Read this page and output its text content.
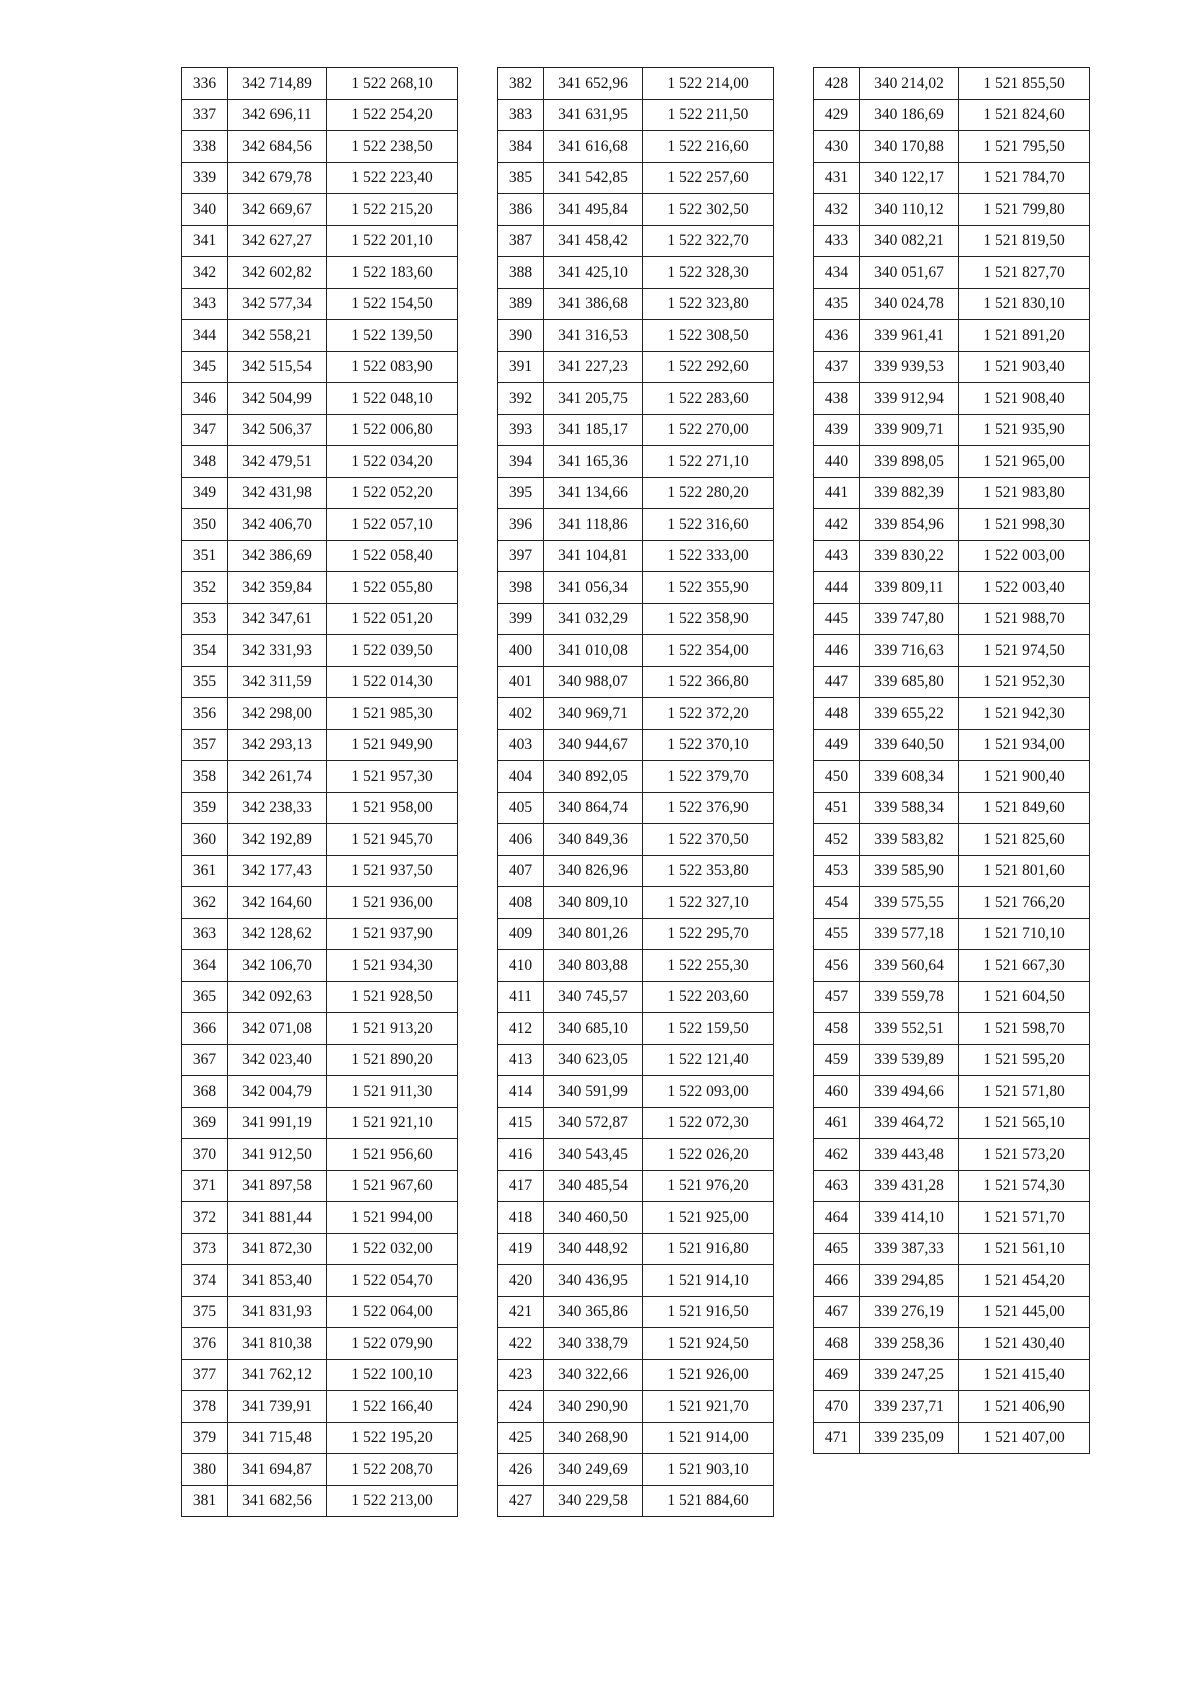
336	342 714,89	1 522 268,10
337	342 696,11	1 522 254,20
338	342 684,56	1 522 238,50
339	342 679,78	1 522 223,40
340	342 669,67	1 522 215,20
341	342 627,27	1 522 201,10
342	342 602,82	1 522 183,60
343	342 577,34	1 522 154,50
344	342 558,21	1 522 139,50
345	342 515,54	1 522 083,90
346	342 504,99	1 522 048,10
347	342 506,37	1 522 006,80
348	342 479,51	1 522 034,20
349	342 431,98	1 522 052,20
350	342 406,70	1 522 057,10
351	342 386,69	1 522 058,40
352	342 359,84	1 522 055,80
353	342 347,61	1 522 051,20
354	342 331,93	1 522 039,50
355	342 311,59	1 522 014,30
356	342 298,00	1 521 985,30
357	342 293,13	1 521 949,90
358	342 261,74	1 521 957,30
359	342 238,33	1 521 958,00
360	342 192,89	1 521 945,70
361	342 177,43	1 521 937,50
362	342 164,60	1 521 936,00
363	342 128,62	1 521 937,90
364	342 106,70	1 521 934,30
365	342 092,63	1 521 928,50
366	342 071,08	1 521 913,20
367	342 023,40	1 521 890,20
368	342 004,79	1 521 911,30
369	341 991,19	1 521 921,10
370	341 912,50	1 521 956,60
371	341 897,58	1 521 967,60
372	341 881,44	1 521 994,00
373	341 872,30	1 522 032,00
374	341 853,40	1 522 054,70
375	341 831,93	1 522 064,00
376	341 810,38	1 522 079,90
377	341 762,12	1 522 100,10
378	341 739,91	1 522 166,40
379	341 715,48	1 522 195,20
380	341 694,87	1 522 208,70
381	341 682,56	1 522 213,00
382	341 652,96	1 522 214,00
383	341 631,95	1 522 211,50
384	341 616,68	1 522 216,60
385	341 542,85	1 522 257,60
386	341 495,84	1 522 302,50
387	341 458,42	1 522 322,70
388	341 425,10	1 522 328,30
389	341 386,68	1 522 323,80
390	341 316,53	1 522 308,50
391	341 227,23	1 522 292,60
392	341 205,75	1 522 283,60
393	341 185,17	1 522 270,00
394	341 165,36	1 522 271,10
395	341 134,66	1 522 280,20
396	341 118,86	1 522 316,60
397	341 104,81	1 522 333,00
398	341 056,34	1 522 355,90
399	341 032,29	1 522 358,90
400	341 010,08	1 522 354,00
401	340 988,07	1 522 366,80
402	340 969,71	1 522 372,20
403	340 944,67	1 522 370,10
404	340 892,05	1 522 379,70
405	340 864,74	1 522 376,90
406	340 849,36	1 522 370,50
407	340 826,96	1 522 353,80
408	340 809,10	1 522 327,10
409	340 801,26	1 522 295,70
410	340 803,88	1 522 255,30
411	340 745,57	1 522 203,60
412	340 685,10	1 522 159,50
413	340 623,05	1 522 121,40
414	340 591,99	1 522 093,00
415	340 572,87	1 522 072,30
416	340 543,45	1 522 026,20
417	340 485,54	1 521 976,20
418	340 460,50	1 521 925,00
419	340 448,92	1 521 916,80
420	340 436,95	1 521 914,10
421	340 365,86	1 521 916,50
422	340 338,79	1 521 924,50
423	340 322,66	1 521 926,00
424	340 290,90	1 521 921,70
425	340 268,90	1 521 914,00
426	340 249,69	1 521 903,10
427	340 229,58	1 521 884,60
428	340 214,02	1 521 855,50
429	340 186,69	1 521 824,60
430	340 170,88	1 521 795,50
431	340 122,17	1 521 784,70
432	340 110,12	1 521 799,80
433	340 082,21	1 521 819,50
434	340 051,67	1 521 827,70
435	340 024,78	1 521 830,10
436	339 961,41	1 521 891,20
437	339 939,53	1 521 903,40
438	339 912,94	1 521 908,40
439	339 909,71	1 521 935,90
440	339 898,05	1 521 965,00
441	339 882,39	1 521 983,80
442	339 854,96	1 521 998,30
443	339 830,22	1 522 003,00
444	339 809,11	1 522 003,40
445	339 747,80	1 521 988,70
446	339 716,63	1 521 974,50
447	339 685,80	1 521 952,30
448	339 655,22	1 521 942,30
449	339 640,50	1 521 934,00
450	339 608,34	1 521 900,40
451	339 588,34	1 521 849,60
452	339 583,82	1 521 825,60
453	339 585,90	1 521 801,60
454	339 575,55	1 521 766,20
455	339 577,18	1 521 710,10
456	339 560,64	1 521 667,30
457	339 559,78	1 521 604,50
458	339 552,51	1 521 598,70
459	339 539,89	1 521 595,20
460	339 494,66	1 521 571,80
461	339 464,72	1 521 565,10
462	339 443,48	1 521 573,20
463	339 431,28	1 521 574,30
464	339 414,10	1 521 571,70
465	339 387,33	1 521 561,10
466	339 294,85	1 521 454,20
467	339 276,19	1 521 445,00
468	339 258,36	1 521 430,40
469	339 247,25	1 521 415,40
470	339 237,71	1 521 406,90
471	339 235,09	1 521 407,00
